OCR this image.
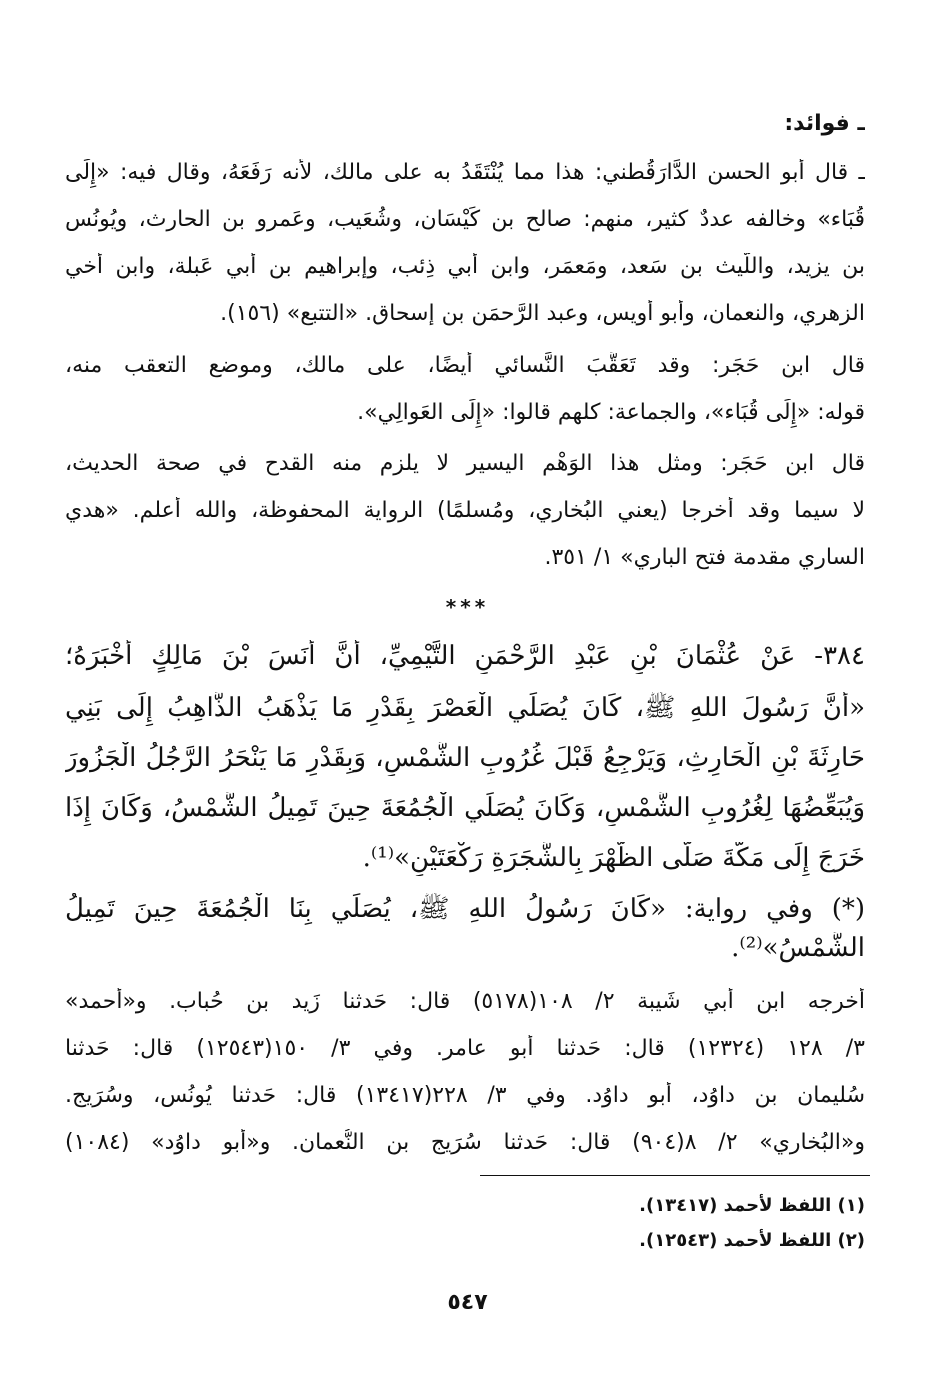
ـ فوائد:
ـ قال أبو الحسن الدَّارَقُطني: هذا مما يُنْتَقَدُ به على مالك، لأنه رَفَعَهُ، وقال فيه: «إِلَى
قُبَاء» وخالفه عددٌ كثير، منهم: صالح بن كَيْسَان، وشُعَيب، وعَمرو بن الحارث، ويُونُس
بن يزيد، واللَّيث بن سَعد، ومَعمَر، وابن أبي ذِئب، وإبراهيم بن أبي عَبلة، وابن أخي
الزهري، والنعمان، وأبو أُويس، وعبد الرَّحمَن بن إسحاق. «التتبع» (١٥٦).
قال ابن حَجَر: وقد تَعَقَّبَ النَّسائي أيضًا، على مالك، وموضع التعقب منه،
قوله: «إِلَى قُبَاء»، والجماعة: كلهم قالوا: «إِلَى العَوالِي».
قال ابن حَجَر: ومثل هذا الوَهْم اليسير لا يلزم منه القدح في صحة الحديث،
لا سيما وقد أخرجا (يعني البُخاري، ومُسلمًا) الرواية المحفوظة، والله أعلم. «هدي
الساري مقدمة فتح الباري» ١/ ٣٥١.
***
٣٨٤- عَنْ عُثْمَانَ بْنِ عَبْدِ الرَّحْمَنِ التَّيْمِيِّ، أَنَّ أَنَسَ بْنَ مَالِكٍ أَخْبَرَهُ؛
«أَنَّ رَسُولَ اللهِ ﷺ، كَانَ يُصَلِّي الْعَصْرَ بِقَدْرِ مَا يَذْهَبُ الذَّاهِبُ إِلَى بَنِي
حَارِثَةَ بْنِ الْحَارِثِ، وَيَرْجِعُ قَبْلَ غُرُوبِ الشَّمْسِ، وَبِقَدْرِ مَا يَنْحَرُ الرَّجُلُ الْجَزُورَ
وَيُبَعِّضُهَا لِغُرُوبِ الشَّمْسِ، وَكَانَ يُصَلِّي الْجُمُعَةَ حِينَ تَمِيلُ الشَّمْسُ، وَكَانَ إِذَا
خَرَجَ إِلَى مَكَّةَ صَلَّى الظُّهْرَ بِالشَّجَرَةِ رَكْعَتَيْنِ»⁽¹⁾.
(*) وفي رواية: «كَانَ رَسُولُ اللهِ ﷺ، يُصَلِّي بِنَا الْجُمُعَةَ حِينَ تَمِيلُ
الشَّمْسُ»⁽²⁾.
أخرجه ابن أبي شَيبة ٢/ ١٠٨(٥١٧٨) قال: حَدثنا زَيد بن حُباب. و«أحمد»
٣/ ١٢٨ (١٢٣٢٤) قال: حَدثنا أبو عامر. وفي ٣/ ١٥٠(١٢٥٤٣) قال: حَدثنا
سُليمان بن داوُد، أبو داوُد. وفي ٣/ ٢٢٨(١٣٤١٧) قال: حَدثنا يُونُس، وسُرَيج.
و«البُخاري» ٢/ ٨(٩٠٤) قال: حَدثنا سُرَيج بن النُّعمان. و«أبو داوُد» (١٠٨٤)
(١) اللفظ لأحمد (١٣٤١٧).
(٢) اللفظ لأحمد (١٢٥٤٣).
٥٤٧
